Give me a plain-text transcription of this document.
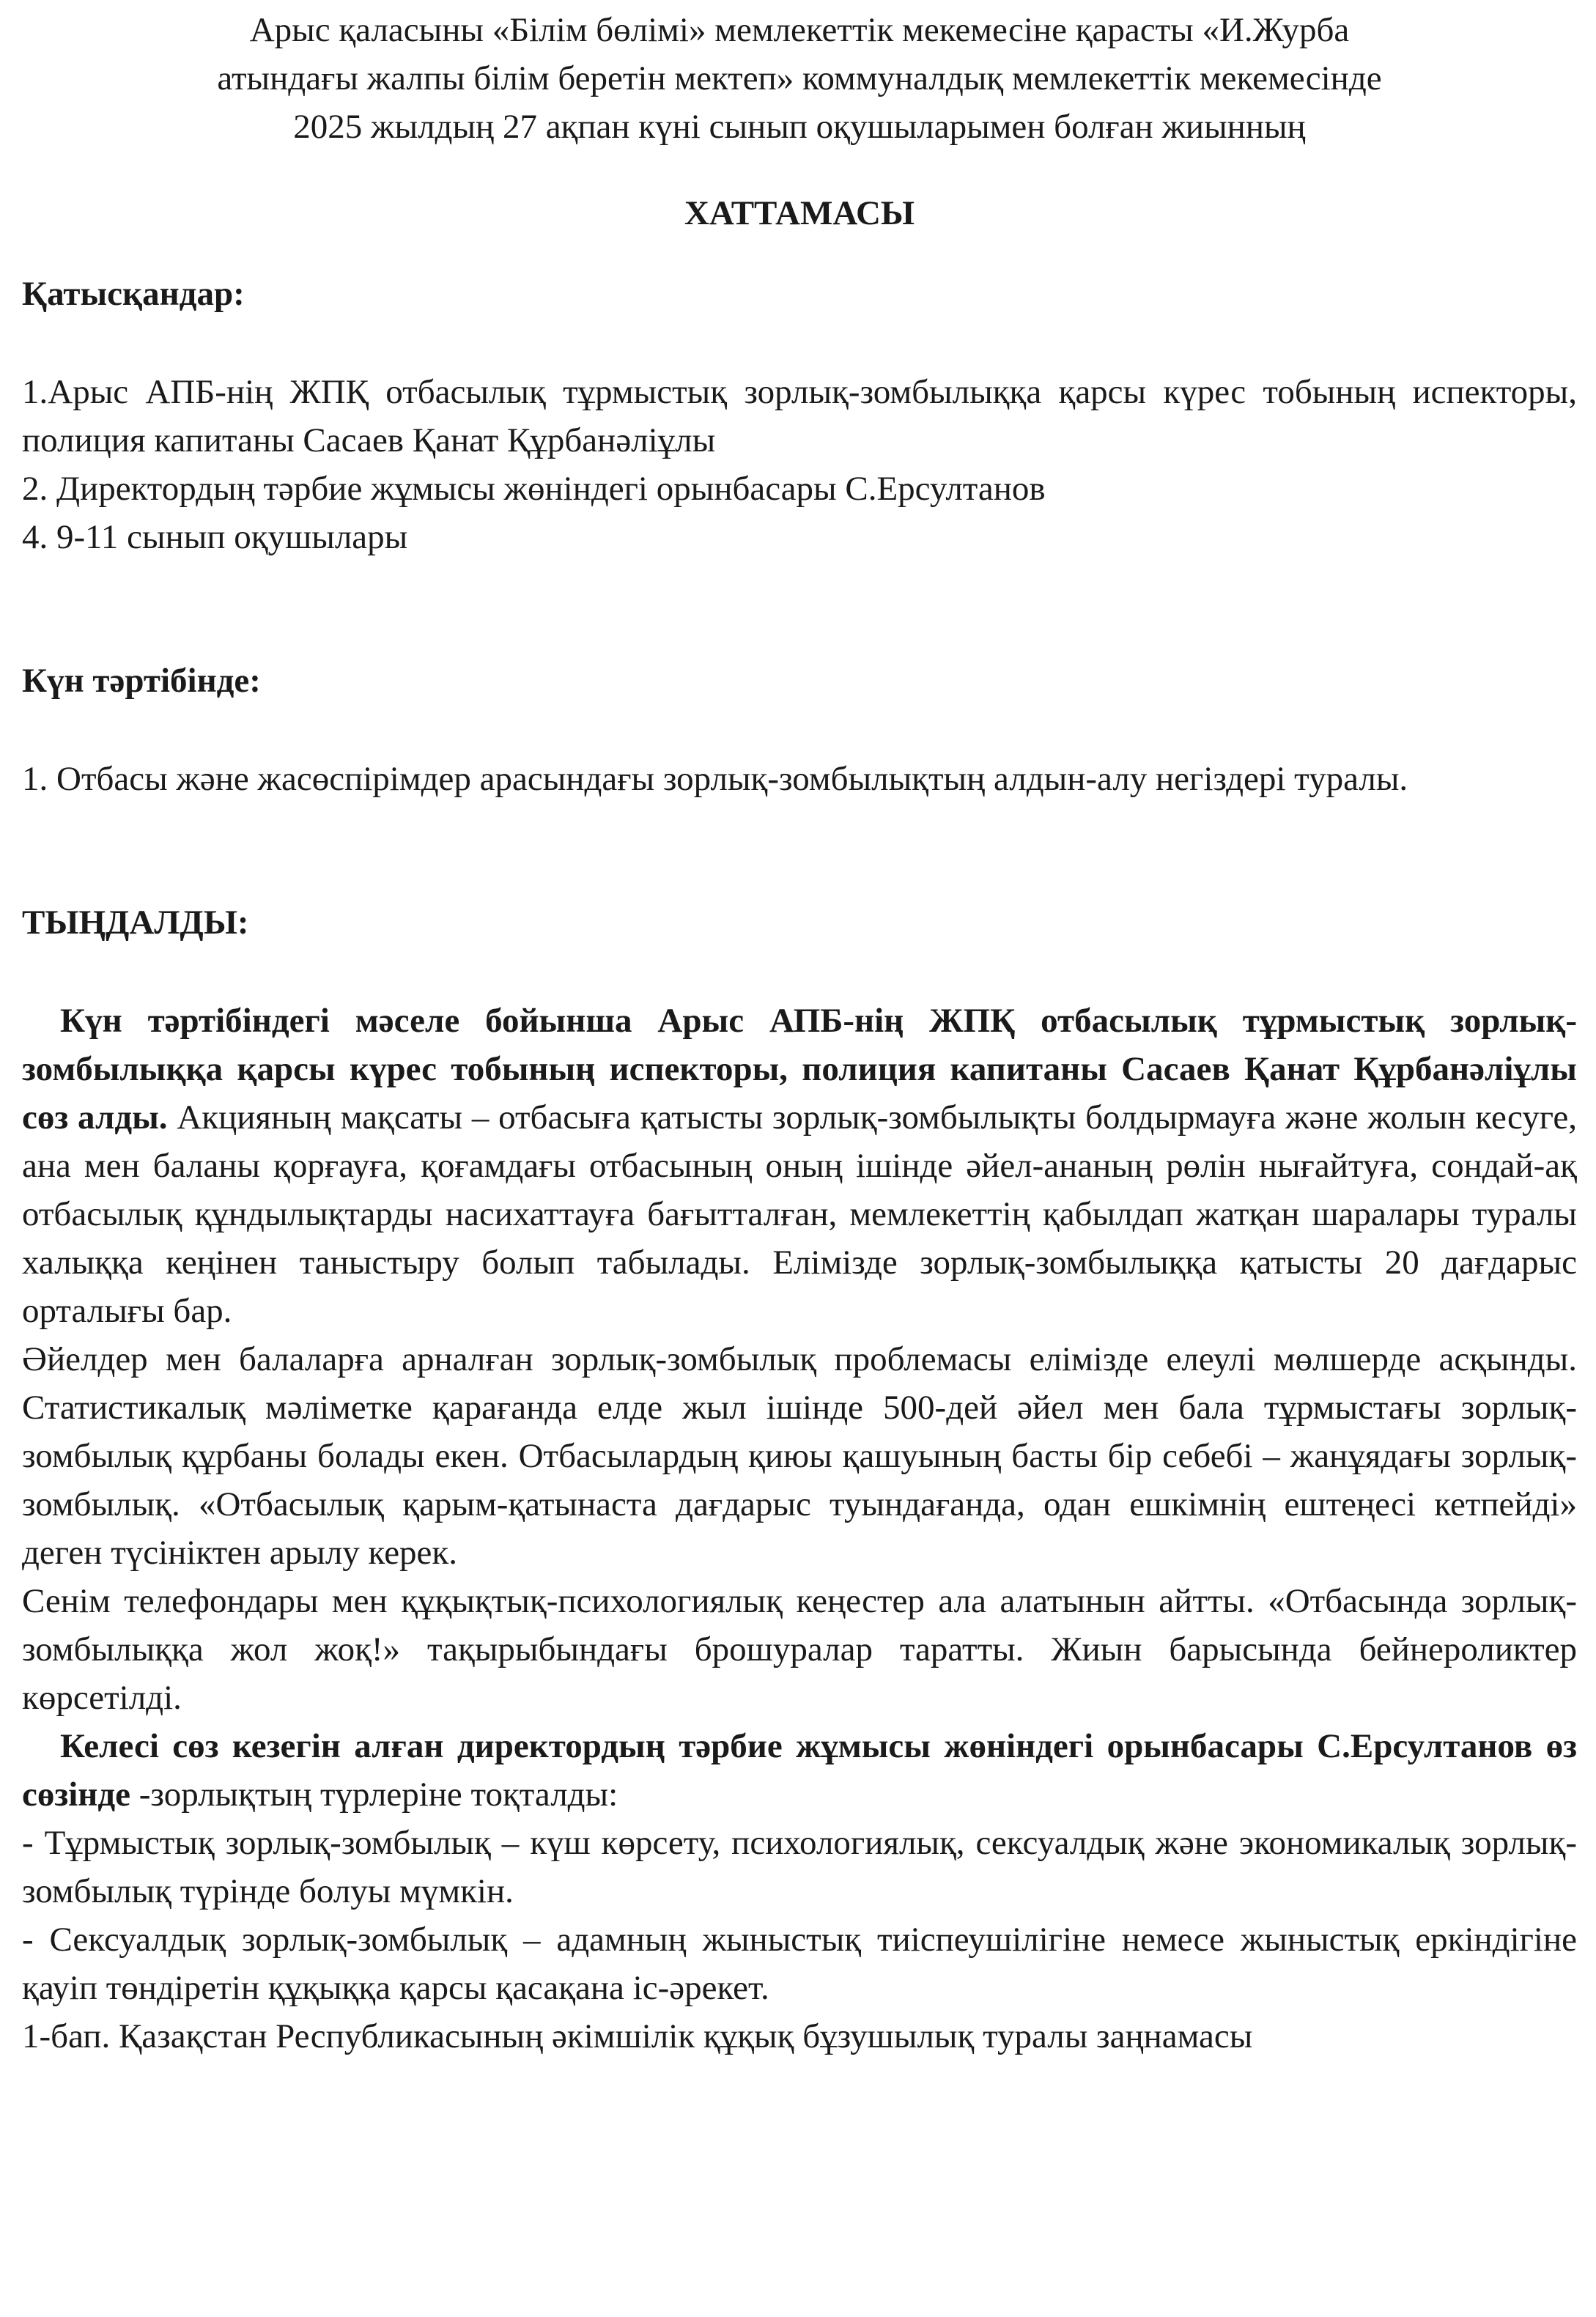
Арыс қаласыны «Білім бөлімі» мемлекеттік мекемесіне қарасты «И.Журба

атындағы жалпы білім беретін мектеп» коммуналдық мемлекеттік мекемесінде

2025 жылдың 27 ақпан күні сынып оқушыларымен болған жиынның

ХАТТАМАСЫ

Қатысқандар:

1.Арыс АПБ-нің ЖПҚ отбасылық тұрмыстық зорлық-зомбылыққа қарсы күрес тобының испекторы, полиция капитаны Сасаев Қанат Құрбанәліұлы

2. Директордың тәрбие жұмысы жөніндегі орынбасары С.Ерсултанов

4. 9-11 сынып оқушылары

Күн тәртібінде:

1. Отбасы және жасөспірімдер арасындағы зорлық-зомбылықтың алдын-алу негіздері туралы.

ТЫҢДАЛДЫ:

Күн тәртібіндегі мәселе бойынша Арыс АПБ-нің ЖПҚ отбасылық тұрмыстық зорлық-зомбылыққа қарсы күрес тобының испекторы, полиция капитаны Сасаев Қанат Құрбанәліұлы сөз алды. Акцияның мақсаты – отбасыға қатысты зорлық-зомбылықты болдырмауға және жолын кесуге, ана мен баланы қорғауға, қоғамдағы отбасының оның ішінде әйел-ананың рөлін нығайтуға, сондай-ақ отбасылық құндылықтарды насихаттауға бағытталған, мемлекеттің қабылдап жатқан шаралары туралы халыққа кеңінен таныстыру болып табылады. Елімізде зорлық-зомбылыққа қатысты 20 дағдарыс орталығы бар.

Әйелдер мен балаларға арналған зорлық-зомбылық проблемасы елімізде елеулі мөлшерде асқынды. Статистикалық мәліметке қарағанда елде жыл ішінде 500-дей әйел мен бала тұрмыстағы зорлық-зомбылық құрбаны болады екен. Отбасылардың қиюы қашуының басты бір себебі – жанұядағы зорлық-зомбылық. «Отбасылық қарым-қатынаста дағдарыс туындағанда, одан ешкімнің ештеңесі кетпейді» деген түсініктен арылу керек.

Сенім телефондары мен құқықтық-психологиялық кеңестер ала алатынын айтты. «Отбасында зорлық-зомбылыққа жол жоқ!» тақырыбындағы брошуралар таратты. Жиын барысында бейнероликтер көрсетілді.

Келесі сөз кезегін алған директордың тәрбие жұмысы жөніндегі орынбасары С.Ерсултанов өз сөзінде -зорлықтың түрлеріне тоқталды:

- Тұрмыстық зорлық-зомбылық – күш көрсету, психологиялық, сексуалдық және экономикалық зорлық-зомбылық түрінде болуы мүмкін.

- Сексуалдық зорлық-зомбылық – адамның жыныстық тиіспеушілігіне немесе жыныстық еркіндігіне қауіп төндіретін құқыққа қарсы қасақана іс-әрекет.

1-бап. Қазақстан Республикасының әкімшілік құқық бұзушылық туралы заңнамасы
